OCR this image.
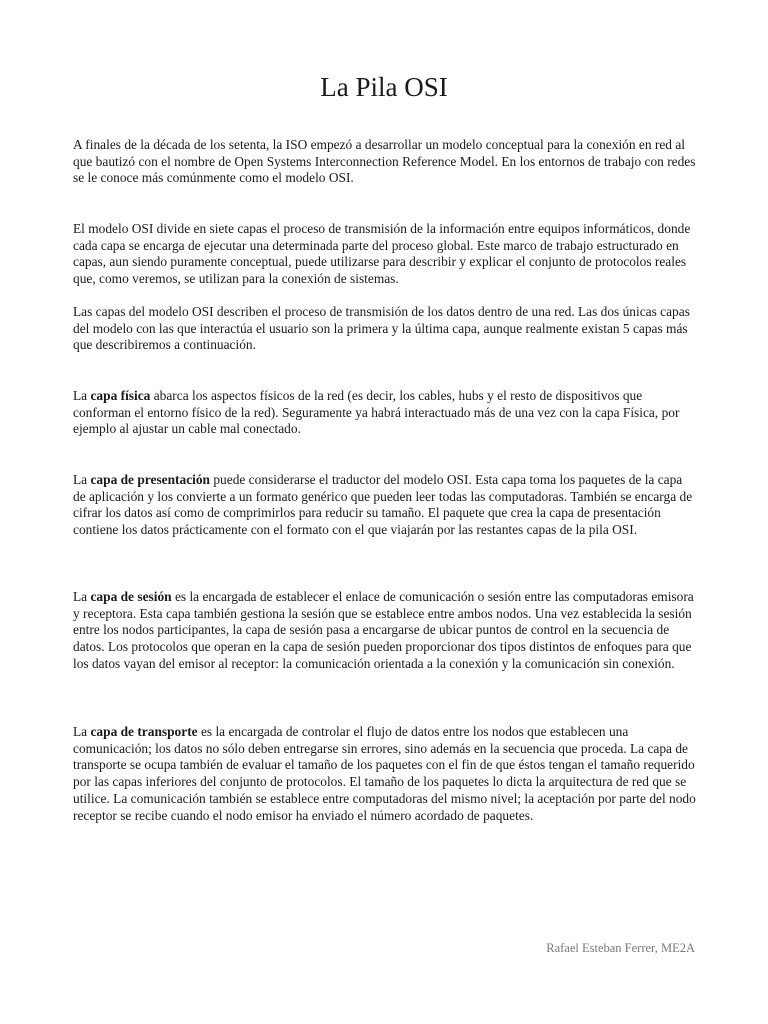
La Pila OSI

A finales de la década de los setenta, la ISO empezó a desarrollar un modelo conceptual para la conexión en red al que bautizó con el nombre de Open Systems Interconnection Reference Model. En los entornos de trabajo con redes se le conoce más comúnmente como el modelo OSI.

El modelo OSI divide en siete capas el proceso de transmisión de la información entre equipos informáticos, donde cada capa se encarga de ejecutar una determinada parte del proceso global. Este marco de trabajo estructurado en capas, aun siendo puramente conceptual, puede utilizarse para describir y explicar el conjunto de protocolos reales que, como veremos, se utilizan para la conexión de sistemas.

Las capas del modelo OSI describen el proceso de transmisión de los datos dentro de una red. Las dos únicas capas del modelo con las que interactúa el usuario son la primera y la última capa, aunque realmente existan 5 capas más que describiremos a continuación.

La capa física abarca los aspectos físicos de la red (es decir, los cables, hubs y el resto de dispositivos que conforman el entorno físico de la red). Seguramente ya habrá interactuado más de una vez con la capa Física, por ejemplo al ajustar un cable mal conectado.

La capa de presentación puede considerarse el traductor del modelo OSI. Esta capa toma los paquetes de la capa de aplicación y los convierte a un formato genérico que pueden leer todas las computadoras. También se encarga de cifrar los datos así como de comprimirlos para reducir su tamaño. El paquete que crea la capa de presentación contiene los datos prácticamente con el formato con el que viajarán por las restantes capas de la pila OSI.

La capa de sesión es la encargada de establecer el enlace de comunicación o sesión entre las computadoras emisora y receptora. Esta capa también gestiona la sesión que se establece entre ambos nodos. Una vez establecida la sesión entre los nodos participantes, la capa de sesión pasa a encargarse de ubicar puntos de control en la secuencia de datos. Los protocolos que operan en la capa de sesión pueden proporcionar dos tipos distintos de enfoques para que los datos vayan del emisor al receptor: la comunicación orientada a la conexión y la comunicación sin conexión.

La capa de transporte es la encargada de controlar el flujo de datos entre los nodos que establecen una comunicación; los datos no sólo deben entregarse sin errores, sino además en la secuencia que proceda. La capa de transporte se ocupa también de evaluar el tamaño de los paquetes con el fin de que éstos tengan el tamaño requerido por las capas inferiores del conjunto de protocolos. El tamaño de los paquetes lo dicta la arquitectura de red que se utilice. La comunicación también se establece entre computadoras del mismo nivel; la aceptación por parte del nodo receptor se recibe cuando el nodo emisor ha enviado el número acordado de paquetes.

Rafael Esteban Ferrer, ME2A
